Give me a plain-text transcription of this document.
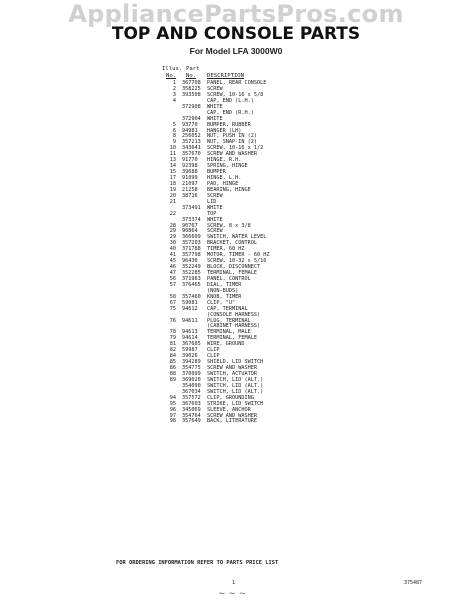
AppliancePartsPros.com
TOP AND CONSOLE PARTS
For Model LFA 3000W0
Illus. Part
No. No. DESCRIPTION
1 367708 PANEL, REAR CONSOLE
2 358225 SCREW
3 393508 SCREW, 10-16 x 5/8
4	CAP, END (L.H.)
372908 WHITE
CAP, END (R.H.)
372904 WHITE
5 93770 BUMPER, RUBBER
6 94981 HANGER (LH)
8 256052 NUT, PUSH IN (2)
9 357213 NUT, SNAP-IN (2)
10 343641 SCREW, 10-16 x 1/2
11 357670 SCREW AND WASHER
13 91770 HINGE, R.H.
14 92398 SPRING, HINGE
15 39688 BUMPER
17 91099 HINGE, L.H.
18 21097 PAD, HINGE
19 21258 BEARING, HINGE
20 38716 SCREW
21	LID
373491 WHITE
22	TOP
373374 WHITE
28 90767 SCREW, 8 x 3/8
29 90864 SCREW
29 366609 SWITCH, WATER LEVEL
30 357203 BRACKET, CONTROL
40 371788 TIMER, 60 HZ
41 357798 MOTOR, TIMER - 60 HZ
45 96430 SCREW, 10-32 x 5/16
46 352249 BLOCK, DISCONNECT
47 352285 TERMINAL, FEMALE
56 371963 PANEL, CONTROL
57 376465 DIAL, TIMER
(NON-BUDS)
58 357460 KNOB, TIMER
67 59081 CLIP, "U"
75 94612 CAP, TERMINAL
(CONSOLE HARNESS)
76 94611 PLUG, TERMINAL
(CABINET HARNESS)
78 94613 TERMINAL, MALE
79 94614 TERMINAL, FEMALE
81 367605 WIRE, GROUND
82 59987 CLIP
84 39026 CLIP
85 394289 SHIELD, LID SWITCH
86 354775 SCREW AND WASHER
88 370099 SWITCH, ACTUATOR
89 369020 SWITCH, LID (ALT.)
354090 SWITCH, LID (ALT.)
367034 SWITCH, LID (ALT.)
94 357572 CLIP, GROUNDING
95 367603 STRIKE, LID SWITCH
96 345069 SLEEVE, ANCHOR
97 354764 SCREW AND WASHER
98 357649 BACK, LITERATURE
FOR ORDERING INFORMATION REFER TO PARTS PRICE LIST
1	375487
~ ~ ~
